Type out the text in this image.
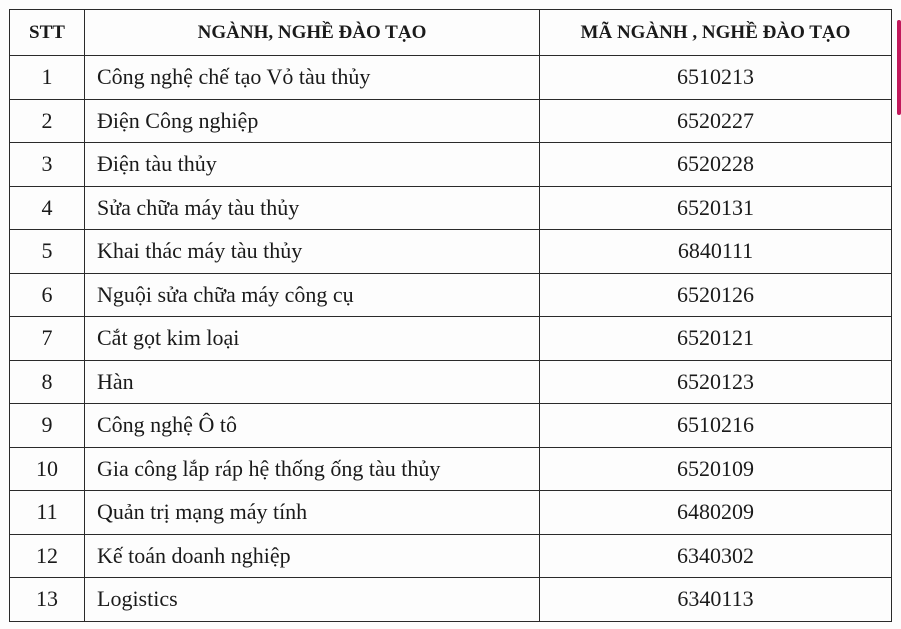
STT	NGÀNH, NGHỀ ĐÀO TẠO	MÃ NGÀNH , NGHỀ ĐÀO TẠO
1	Công nghệ chế tạo Vỏ tàu thủy	6510213
2	Điện Công nghiệp	6520227
3	Điện tàu thủy	6520228
4	Sửa chữa máy tàu thủy	6520131
5	Khai thác máy tàu thủy	6840111
6	Nguội sửa chữa máy công cụ	6520126
7	Cắt gọt kim loại	6520121
8	Hàn	6520123
9	Công nghệ Ô tô	6510216
10	Gia công lắp ráp hệ thống ống tàu thủy	6520109
11	Quản trị mạng máy tính	6480209
12	Kế toán doanh nghiệp	6340302
13	Logistics	6340113
